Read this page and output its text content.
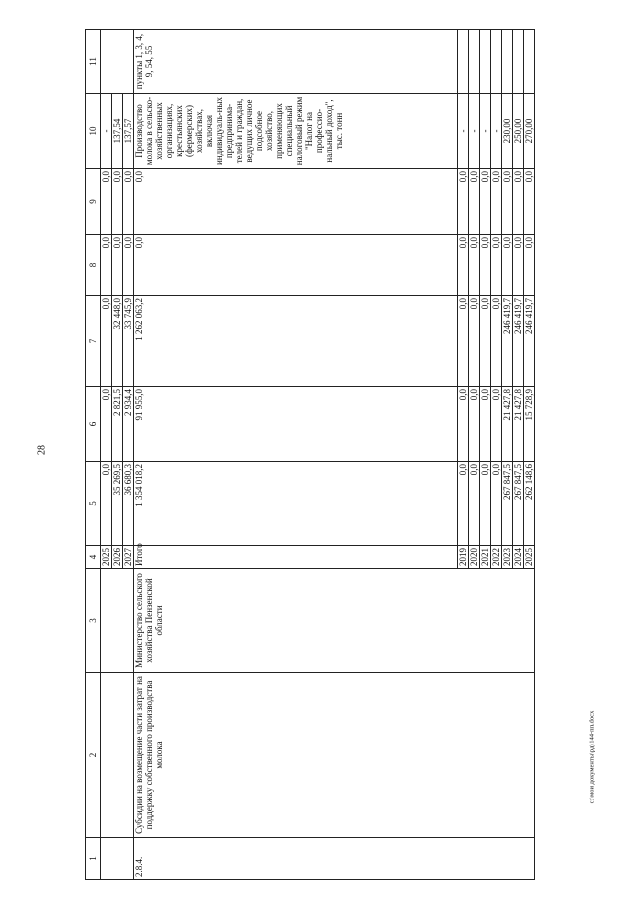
28
c:\мои документы\рд\144-пп.docx
1	2	3	4	5	6	7	8	9	10	11
			2025	0,0	0,0	0,0	0,0	0,0	-	
			2026	35 269,5	2 821,5	32 448,0	0,0	0,0	137,54	
			2027	36 680,3	2 934,4	33 745,9	0,0	0,0	137,57	
2.8.4.	Субсидии на возмещение части затрат на поддержку собственного производства молока	Министерство сельского хозяйства Пензенской области	Итого	1 354 018,2	91 955,0	1 262 063,2	0,0	0,0	Производство молока в сельско-хозяйственных организациях, крестьянских (фермерских) хозяйствах, включая индивидуаль-ных предпринима-телей и граждан, ведущих личное подсобное хозяйство, применяющих специальный налоговый режим "Налог на профессио-нальный доход", тыс. тонн	пункты 1, 3, 4, 9, 54, 55
			2019	0,0	0,0	0,0	0,0	0,0	-	
			2020	0,0	0,0	0,0	0,0	0,0	-	
			2021	0,0	0,0	0,0	0,0	0,0	-	
			2022	0,0	0,0	0,0	0,0	0,0	-	
			2023	267 847,5	21 427,8	246 419,7	0,0	0,0	230,00	
			2024	267 847,5	21 427,8	246 419,7	0,0	0,0	250,00	
			2025	262 148,6	15 728,9	246 419,7	0,0	0,0	270,00	
